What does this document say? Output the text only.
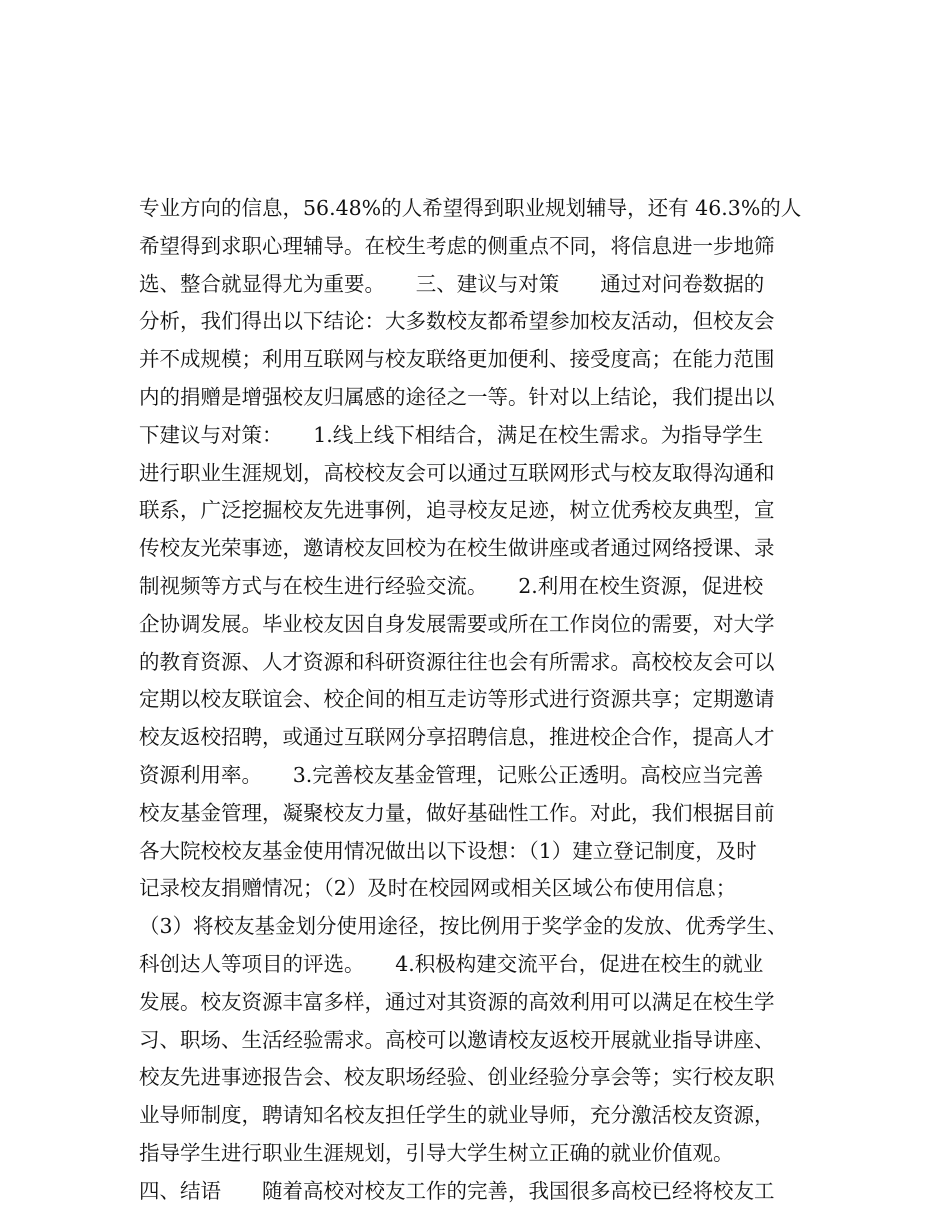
专业方向的信息，56.48%的人希望得到职业规划辅导，还有 46.3%的人
希望得到求职心理辅导。在校生考虑的侧重点不同，将信息进一步地筛
选、整合就显得尤为重要。　　三、建议与对策　　通过对问卷数据的
分析，我们得出以下结论：大多数校友都希望参加校友活动，但校友会
并不成规模；利用互联网与校友联络更加便利、接受度高；在能力范围
内的捐赠是增强校友归属感的途径之一等。针对以上结论，我们提出以
下建议与对策：　　1.线上线下相结合，满足在校生需求。为指导学生
进行职业生涯规划，高校校友会可以通过互联网形式与校友取得沟通和
联系，广泛挖掘校友先进事例，追寻校友足迹，树立优秀校友典型，宣
传校友光荣事迹，邀请校友回校为在校生做讲座或者通过网络授课、录
制视频等方式与在校生进行经验交流。　　2.利用在校生资源，促进校
企协调发展。毕业校友因自身发展需要或所在工作岗位的需要，对大学
的教育资源、人才资源和科研资源往往也会有所需求。高校校友会可以
定期以校友联谊会、校企间的相互走访等形式进行资源共享；定期邀请
校友返校招聘，或通过互联网分享招聘信息，推进校企合作，提高人才
资源利用率。　　3.完善校友基金管理，记账公正透明。高校应当完善
校友基金管理，凝聚校友力量，做好基础性工作。对此，我们根据目前
各大院校校友基金使用情况做出以下设想：（1）建立登记制度，及时
记录校友捐赠情况；（2）及时在校园网或相关区域公布使用信息；
（3）将校友基金划分使用途径，按比例用于奖学金的发放、优秀学生、
科创达人等项目的评选。　　4.积极构建交流平台，促进在校生的就业
发展。校友资源丰富多样，通过对其资源的高效利用可以满足在校生学
习、职场、生活经验需求。高校可以邀请校友返校开展就业指导讲座、
校友先进事迹报告会、校友职场经验、创业经验分享会等；实行校友职
业导师制度，聘请知名校友担任学生的就业导师，充分激活校友资源，
指导学生进行职业生涯规划，引导大学生树立正确的就业价值观。
四、结语　　随着高校对校友工作的完善，我国很多高校已经将校友工
